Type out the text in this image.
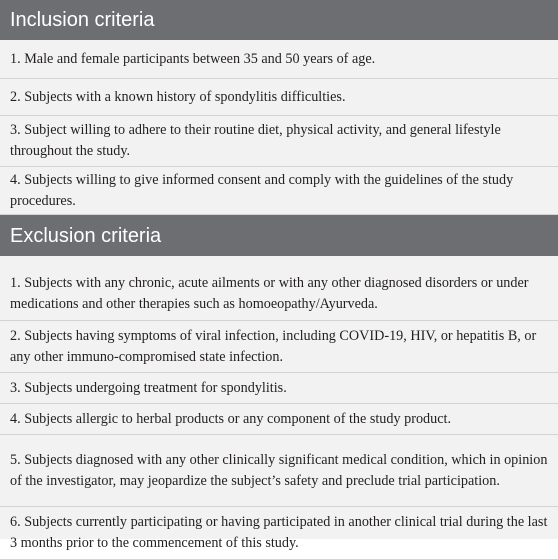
Inclusion criteria
1. Male and female participants between 35 and 50 years of age.
2. Subjects with a known history of spondylitis difficulties.
3. Subject willing to adhere to their routine diet, physical activity, and general lifestyle throughout the study.
4. Subjects willing to give informed consent and comply with the guidelines of the study procedures.
Exclusion criteria
1. Subjects with any chronic, acute ailments or with any other diagnosed disorders or under medications and other therapies such as homoeopathy/Ayurveda.
2. Subjects having symptoms of viral infection, including COVID-19, HIV, or hepatitis B, or any other immuno-compromised state infection.
3. Subjects undergoing treatment for spondylitis.
4. Subjects allergic to herbal products or any component of the study product.
5. Subjects diagnosed with any other clinically significant medical condition, which in opinion of the investigator, may jeopardize the subject’s safety and preclude trial participation.
6. Subjects currently participating or having participated in another clinical trial during the last 3 months prior to the commencement of this study.
